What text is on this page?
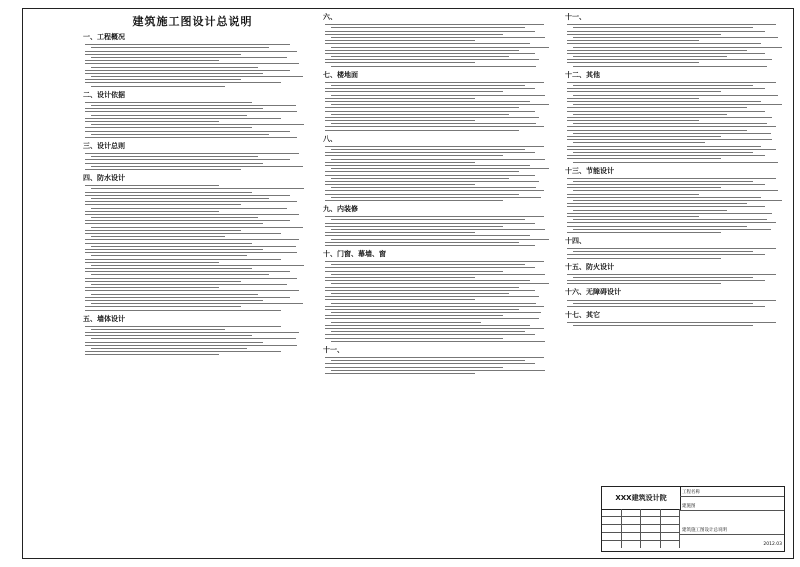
建筑施工图设计总说明
一、工程概况
二、设计依据
三、设计总则
四、防水设计
五、墙体设计
六、
七、楼地面
八、
九、内装修
十、门窗、幕墙、窗
十一、
十一、
十二、其他
十三、节能设计
十四、
十五、防火设计
十六、无障碍设计
十七、其它
XXX建筑设计院
工程名称
建施图
建筑施工图设计总说明
2012.03
